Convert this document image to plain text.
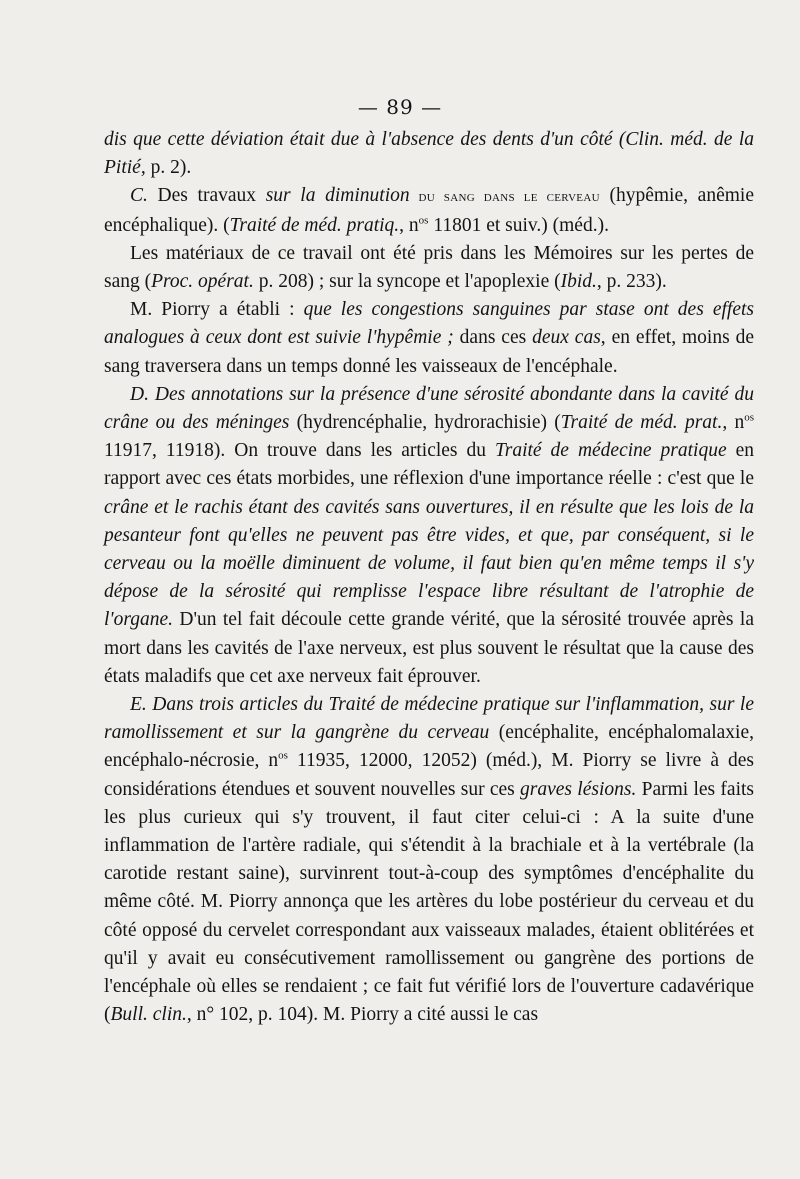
— 89 —

dis que cette déviation était due à l'absence des dents d'un côté (Clin. méd. de la Pitié, p. 2).

C. Des travaux sur la diminution du sang dans le cerveau (hypêmie, anêmie encéphalique). (Traité de méd. pratiq., $n^{os}$ 11801 et suiv.) (méd.).

Les matériaux de ce travail ont été pris dans les Mémoires sur les pertes de sang (Proc. opérat. p. 208) ; sur la syncope et l'apoplexie (Ibid., p. 233).

M. Piorry a établi : que les congestions sanguines par stase ont des effets analogues à ceux dont est suivie l'hypêmie ; dans ces deux cas, en effet, moins de sang traversera dans un temps donné les vaisseaux de l'encéphale.

D. Des annotations sur la présence d'une sérosité abondante dans la cavité du crâne ou des méninges (hydrencéphalie, hydrorachisie) (Traité de méd. prat., $n^{os}$ 11917, 11918). On trouve dans les articles du Traité de médecine pratique en rapport avec ces états morbides, une réflexion d'une importance réelle : c'est que le crâne et le rachis étant des cavités sans ouvertures, il en résulte que les lois de la pesanteur font qu'elles ne peuvent pas être vides, et que, par conséquent, si le cerveau ou la moëlle diminuent de volume, il faut bien qu'en même temps il s'y dépose de la sérosité qui remplisse l'espace libre résultant de l'atrophie de l'organe. D'un tel fait découle cette grande vérité, que la sérosité trouvée après la mort dans les cavités de l'axe nerveux, est plus souvent le résultat que la cause des états maladifs que cet axe nerveux fait éprouver.

E. Dans trois articles du Traité de médecine pratique sur l'inflammation, sur le ramollissement et sur la gangrène du cerveau (encéphalite, encéphalomalaxie, encéphalo-nécrosie, $n^{os}$ 11935, 12000, 12052) (méd.), M. Piorry se livre à des considérations étendues et souvent nouvelles sur ces graves lésions. Parmi les faits les plus curieux qui s'y trouvent, il faut citer celui-ci : A la suite d'une inflammation de l'artère radiale, qui s'étendit à la brachiale et à la vertébrale (la carotide restant saine), survinrent tout-à-coup des symptômes d'encéphalite du même côté. M. Piorry annonça que les artères du lobe postérieur du cerveau et du côté opposé du cervelet correspondant aux vaisseaux malades, étaient oblitérées et qu'il y avait eu consécutivement ramollissement ou gangrène des portions de l'encéphale où elles se rendaient ; ce fait fut vérifié lors de l'ouverture cadavérique (Bull. clin., n° 102, p. 104). M. Piorry a cité aussi le cas
